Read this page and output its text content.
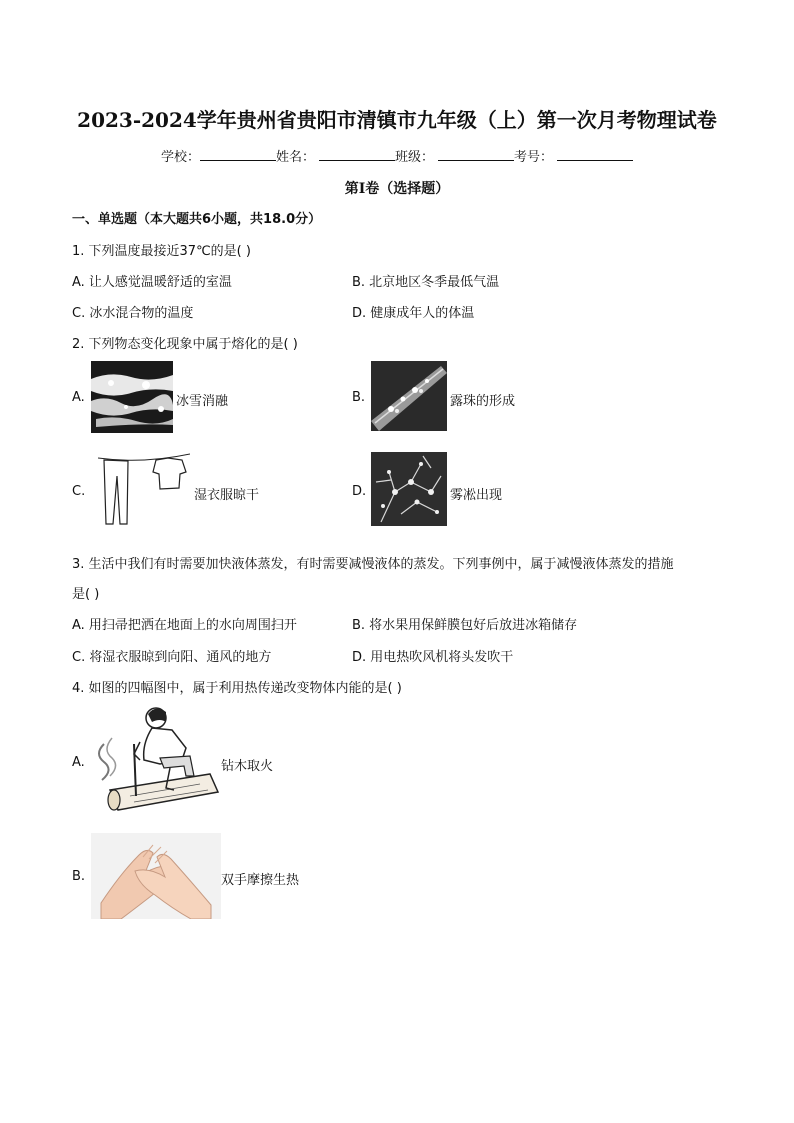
2023-2024学年贵州省贵阳市清镇市九年级（上）第一次月考物理试卷
学校：	姓名：	班级：	考号：
第I卷（选择题）
一、单选题（本大题共6小题，共18.0分）
1. 下列温度最接近37℃的是( )
A. 让人感觉温暖舒适的室温	B. 北京地区冬季最低气温
C. 冰水混合物的温度	D. 健康成年人的体温
2. 下列物态变化现象中属于熔化的是( )
A.	冰雪消融	B.	露珠的形成
C.	湿衣服晾干	D.	雾凇出现
3. 生活中我们有时需要加快液体蒸发，有时需要减慢液体的蒸发。下列事例中，属于减慢液体蒸发的措施
是( )
A. 用扫帚把洒在地面上的水向周围扫开	B. 将水果用保鲜膜包好后放进冰箱储存
C. 将湿衣服晾到向阳、通风的地方	D. 用电热吹风机将头发吹干
4. 如图的四幅图中，属于利用热传递改变物体内能的是( )
A.	钻木取火
B.	双手摩擦生热
